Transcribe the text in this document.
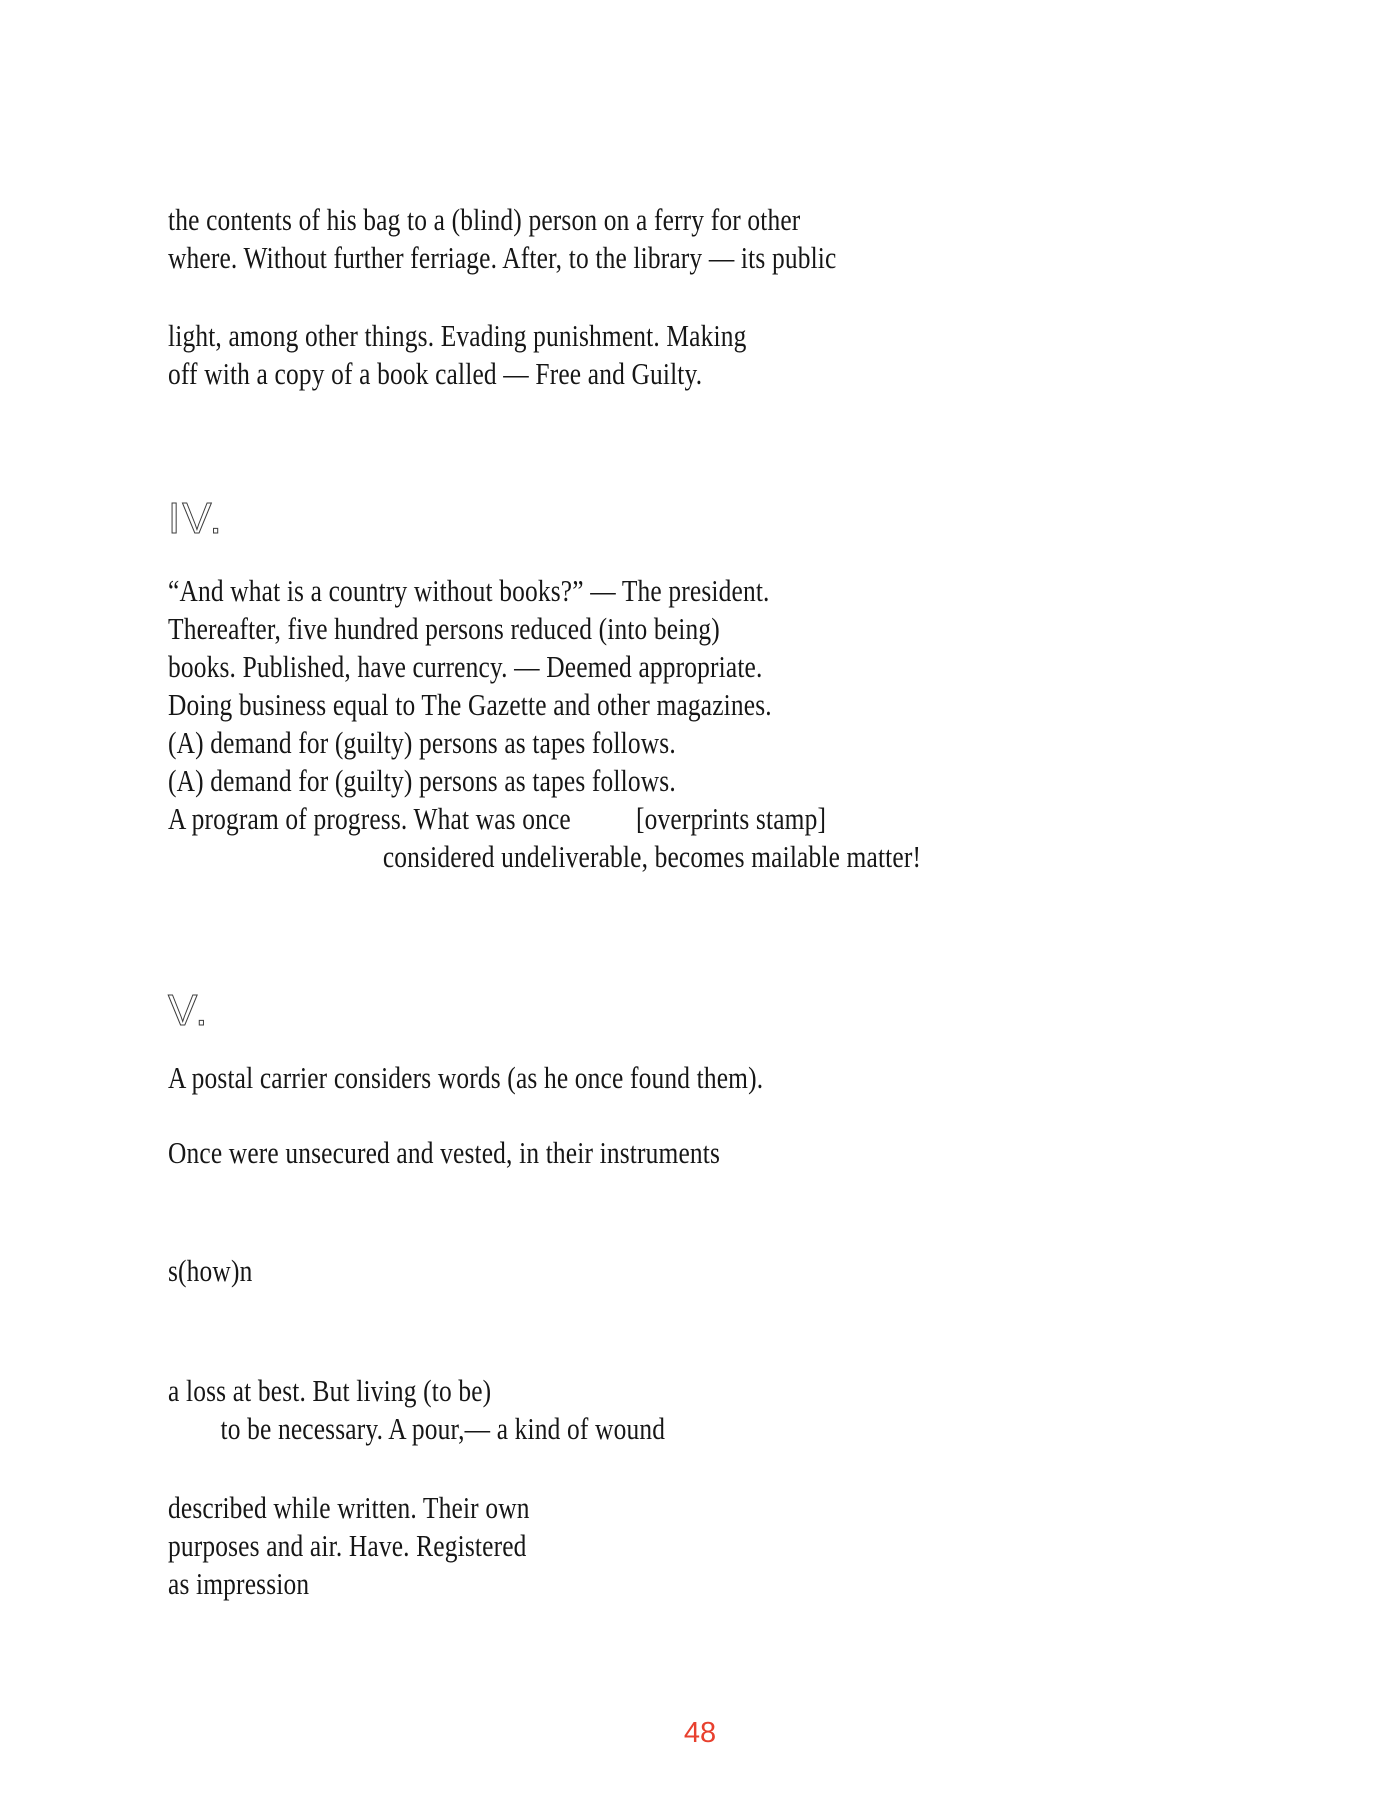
the contents of his bag to a (blind) person on a ferry for other
where. Without further ferriage. After, to the library — its public
light, among other things. Evading punishment. Making
off with a copy of a book called — Free and Guilty.
IV.
“And what is a country without books?” — The president.
Thereafter, five hundred persons reduced (into being)
books. Published, have currency. — Deemed appropriate.
Doing business equal to The Gazette and other magazines.
(A) demand for (guilty) persons as tapes follows.
(A) demand for (guilty) persons as tapes follows.
A program of progress. What was once          [overprints stamp]
considered undeliverable, becomes mailable matter!
V.
A postal carrier considers words (as he once found them).
Once were unsecured and vested, in their instruments
s(how)n
a loss at best. But living (to be)
to be necessary. A pour,— a kind of wound
described while written. Their own
purposes and air. Have. Registered
as impression
48
